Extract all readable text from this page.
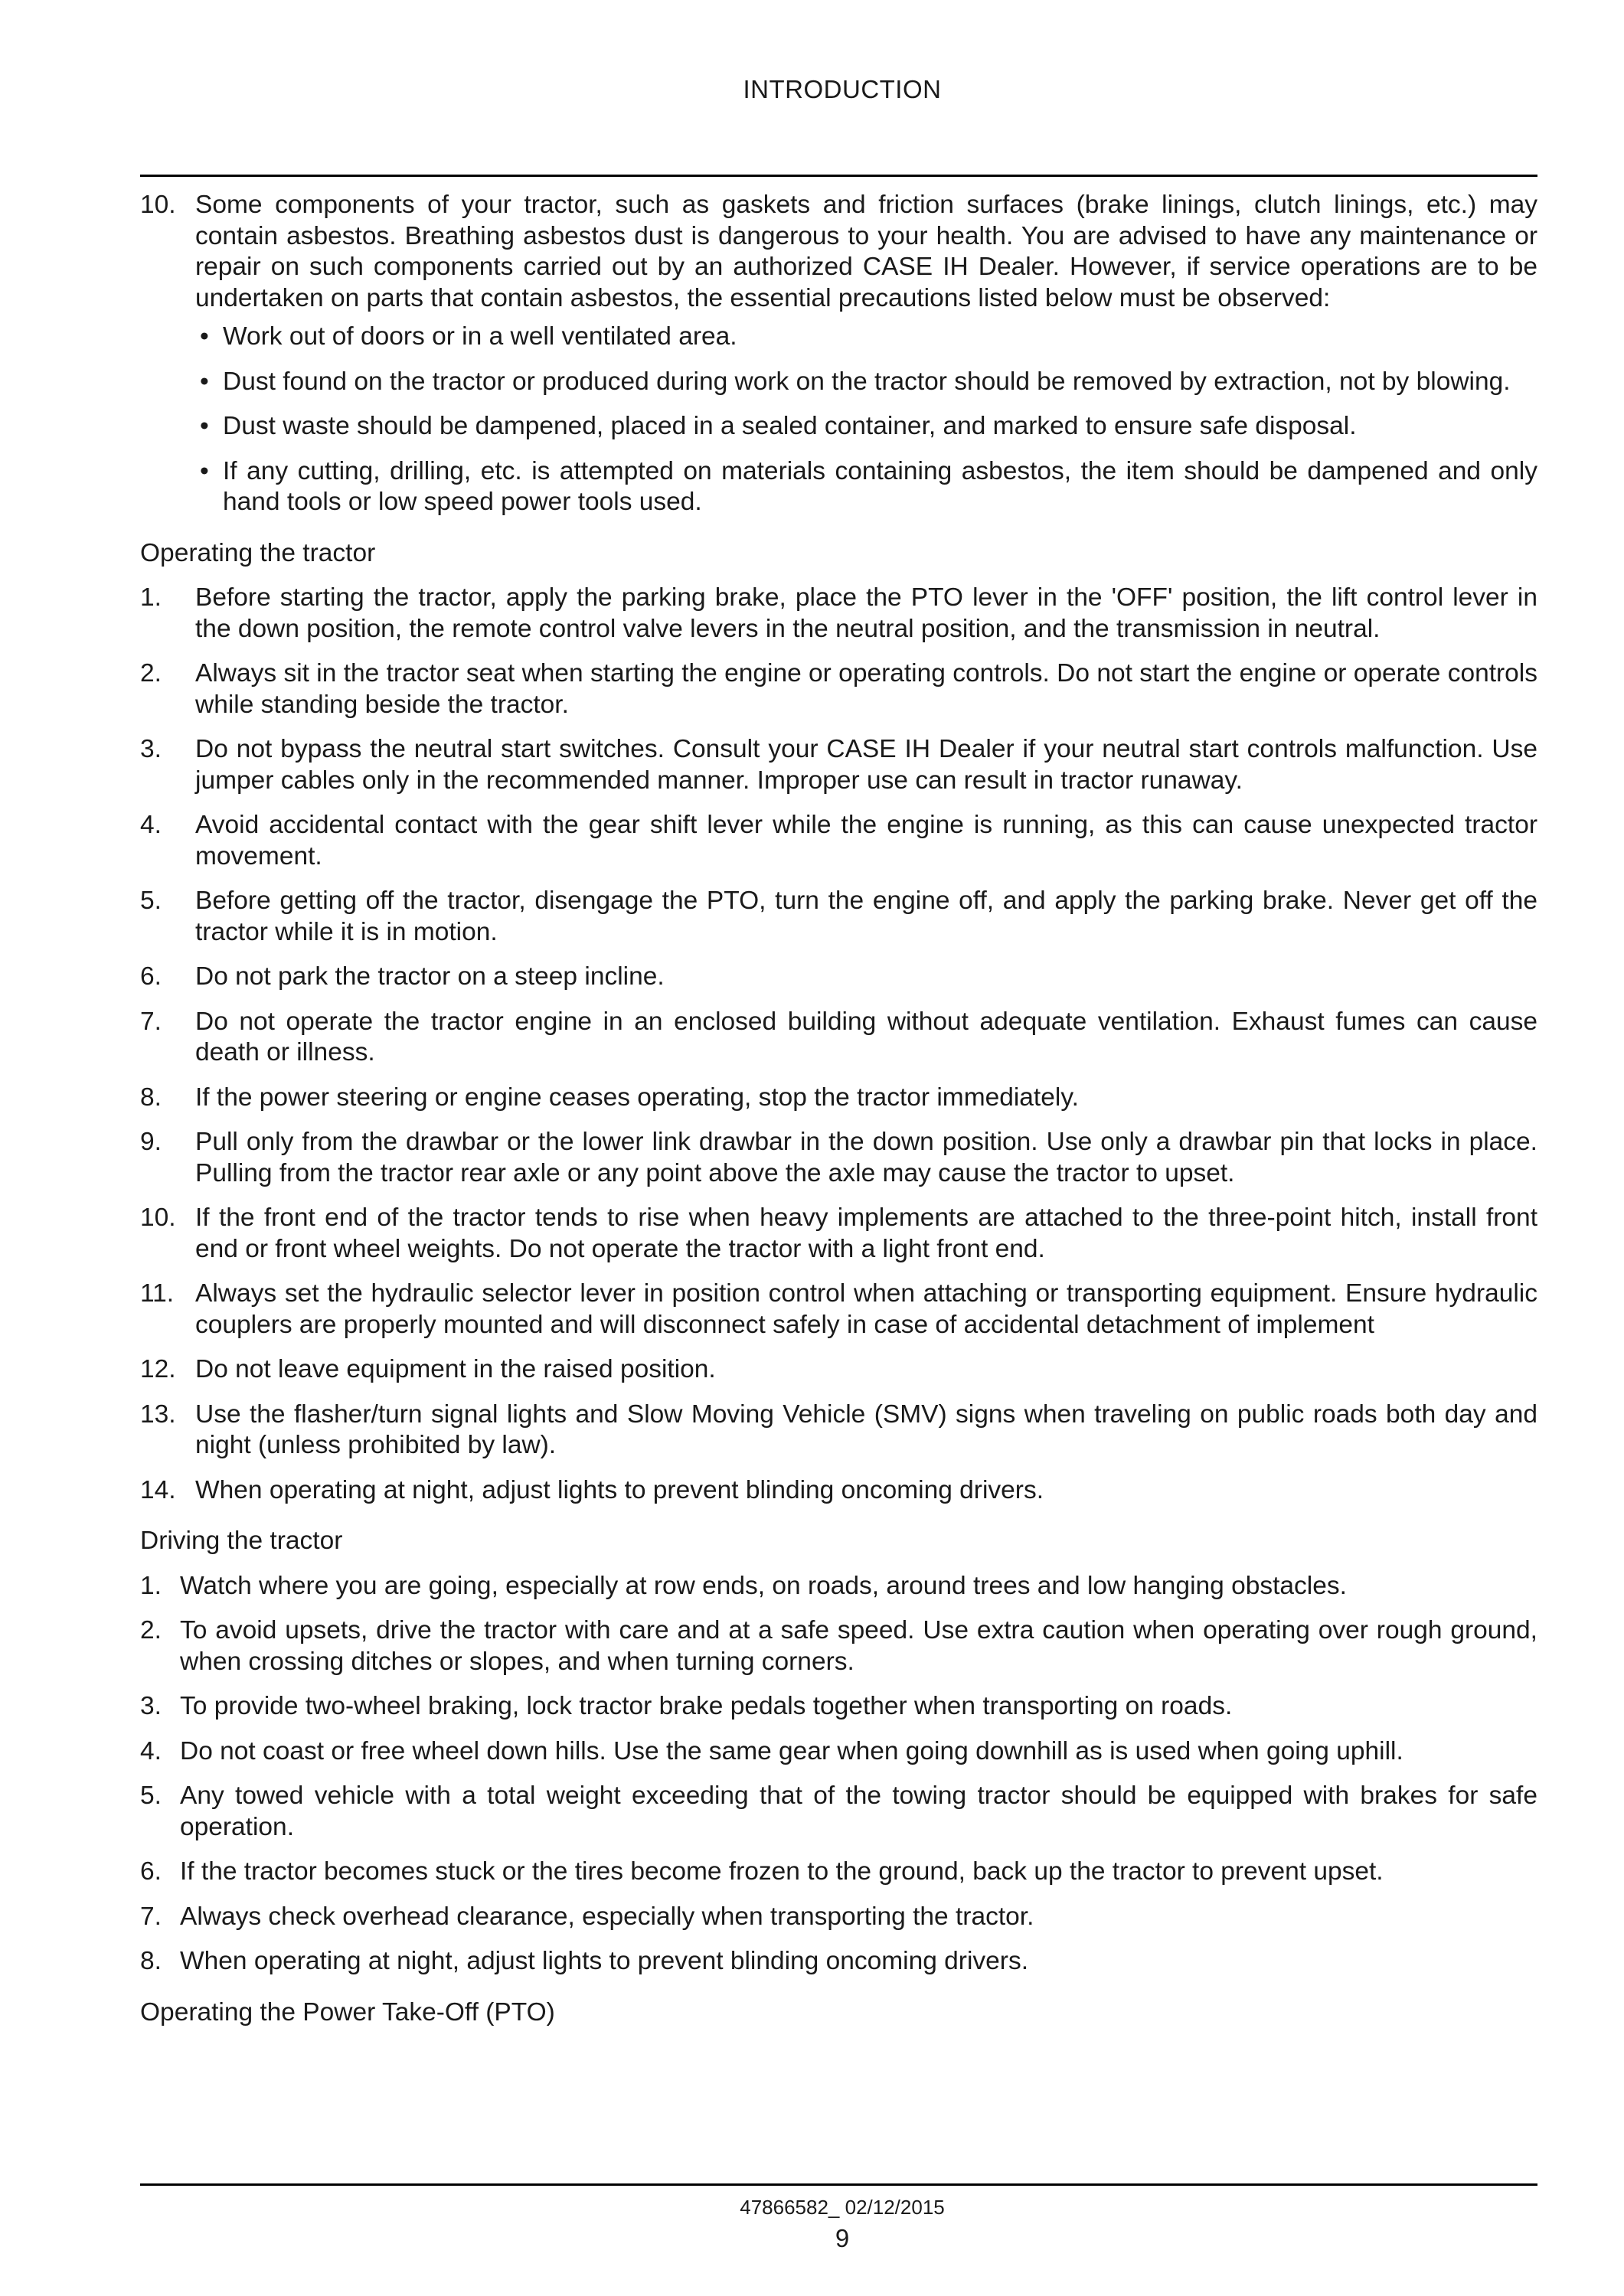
INTRODUCTION
10. Some components of your tractor, such as gaskets and friction surfaces (brake linings, clutch linings, etc.) may contain asbestos. Breathing asbestos dust is dangerous to your health. You are advised to have any maintenance or repair on such components carried out by an authorized CASE IH Dealer. However, if service operations are to be undertaken on parts that contain asbestos, the essential precautions listed below must be observed:
• Work out of doors or in a well ventilated area.
• Dust found on the tractor or produced during work on the tractor should be removed by extraction, not by blowing.
• Dust waste should be dampened, placed in a sealed container, and marked to ensure safe disposal.
• If any cutting, drilling, etc. is attempted on materials containing asbestos, the item should be dampened and only hand tools or low speed power tools used.
Operating the tractor
1. Before starting the tractor, apply the parking brake, place the PTO lever in the 'OFF' position, the lift control lever in the down position, the remote control valve levers in the neutral position, and the transmission in neutral.
2. Always sit in the tractor seat when starting the engine or operating controls. Do not start the engine or operate controls while standing beside the tractor.
3. Do not bypass the neutral start switches. Consult your CASE IH Dealer if your neutral start controls malfunction. Use jumper cables only in the recommended manner. Improper use can result in tractor runaway.
4. Avoid accidental contact with the gear shift lever while the engine is running, as this can cause unexpected tractor movement.
5. Before getting off the tractor, disengage the PTO, turn the engine off, and apply the parking brake. Never get off the tractor while it is in motion.
6. Do not park the tractor on a steep incline.
7. Do not operate the tractor engine in an enclosed building without adequate ventilation. Exhaust fumes can cause death or illness.
8. If the power steering or engine ceases operating, stop the tractor immediately.
9. Pull only from the drawbar or the lower link drawbar in the down position. Use only a drawbar pin that locks in place. Pulling from the tractor rear axle or any point above the axle may cause the tractor to upset.
10. If the front end of the tractor tends to rise when heavy implements are attached to the three-point hitch, install front end or front wheel weights. Do not operate the tractor with a light front end.
11. Always set the hydraulic selector lever in position control when attaching or transporting equipment. Ensure hydraulic couplers are properly mounted and will disconnect safely in case of accidental detachment of implement
12. Do not leave equipment in the raised position.
13. Use the flasher/turn signal lights and Slow Moving Vehicle (SMV) signs when traveling on public roads both day and night (unless prohibited by law).
14. When operating at night, adjust lights to prevent blinding oncoming drivers.
Driving the tractor
1. Watch where you are going, especially at row ends, on roads, around trees and low hanging obstacles.
2. To avoid upsets, drive the tractor with care and at a safe speed. Use extra caution when operating over rough ground, when crossing ditches or slopes, and when turning corners.
3. To provide two-wheel braking, lock tractor brake pedals together when transporting on roads.
4. Do not coast or free wheel down hills. Use the same gear when going downhill as is used when going uphill.
5. Any towed vehicle with a total weight exceeding that of the towing tractor should be equipped with brakes for safe operation.
6. If the tractor becomes stuck or the tires become frozen to the ground, back up the tractor to prevent upset.
7. Always check overhead clearance, especially when transporting the tractor.
8. When operating at night, adjust lights to prevent blinding oncoming drivers.
Operating the Power Take-Off (PTO)
47866582_ 02/12/2015
9
